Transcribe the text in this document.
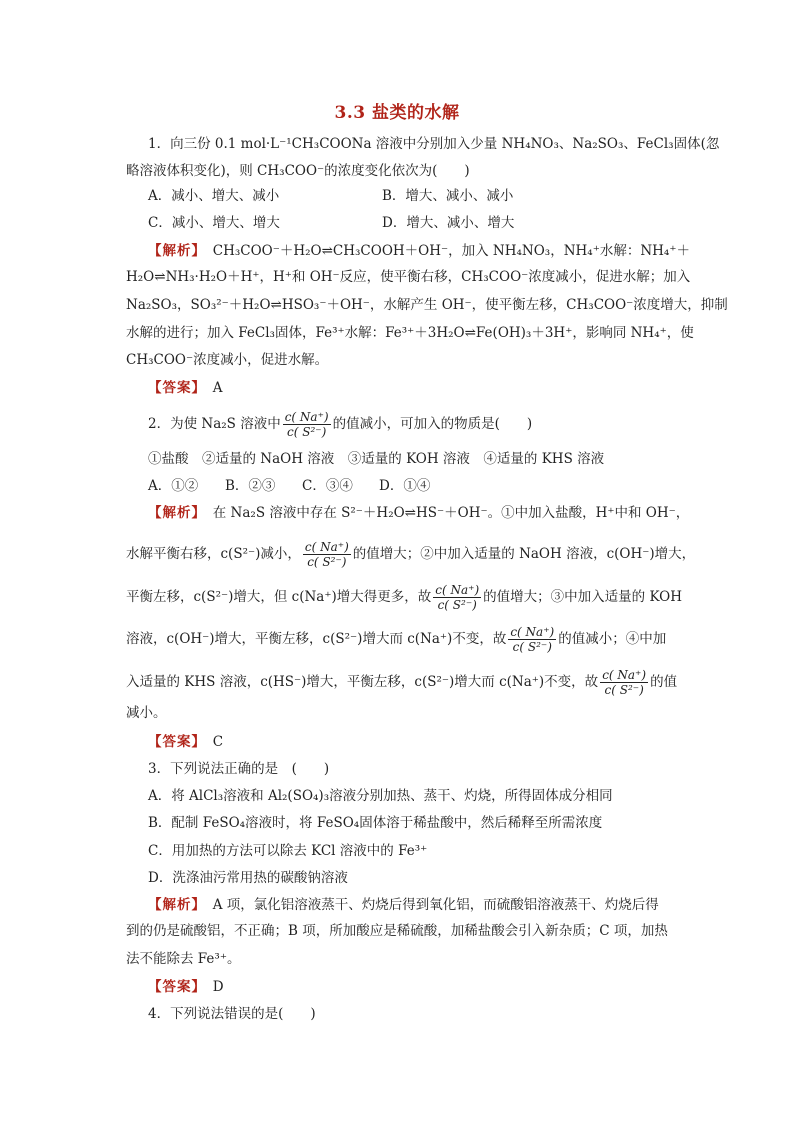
3.3 盐类的水解
1．向三份 0.1 mol·L⁻¹CH₃COONa 溶液中分别加入少量 NH₄NO₃、Na₂SO₃、FeCl₃固体(忽
略溶液体积变化)，则 CH₃COO⁻的浓度变化依次为(　　)
A．减小、增大、减小	B．增大、减小、减小
C．减小、增大、增大	D．增大、减小、增大
【解析】　 CH₃COO⁻＋H₂O⇌CH₃COOH＋OH⁻，加入 NH₄NO₃，NH₄⁺水解：NH₄⁺＋
H₂O⇌NH₃·H₂O＋H⁺，H⁺和 OH⁻反应，使平衡右移，CH₃COO⁻浓度减小，促进水解；加入
Na₂SO₃，SO₃²⁻＋H₂O⇌HSO₃⁻＋OH⁻，水解产生 OH⁻，使平衡左移，CH₃COO⁻浓度增大，抑制
水解的进行；加入 FeCl₃固体，Fe³⁺水解：Fe³⁺＋3H₂O⇌Fe(OH)₃＋3H⁺，影响同 NH₄⁺，使
CH₃COO⁻浓度减小，促进水解。
【答案】　 A
2．为使 Na₂S 溶液中 $\frac{c( Na^+)}{\text{c( S²⁻)}}$ 的值减小，可加入的物质是(　　)
①盐酸　②适量的 NaOH 溶液　③适量的 KOH 溶液　④适量的 KHS 溶液
A．①② B．②③ C．③④ D．①④
【解析】　 在 Na₂S 溶液中存在 S²⁻＋H₂O⇌HS⁻＋OH⁻。①中加入盐酸，H⁺中和 OH⁻，
水解平衡右移，c(S²⁻)减小， $\frac{c( Na^+)}{\text{c( S²⁻)}}$ 的值增大；②中加入适量的 NaOH 溶液，c(OH⁻)增大，
平衡左移，c(S²⁻)增大，但 c(Na⁺)增大得更多，故 $\frac{c( Na^+)}{\text{c( S²⁻)}}$ 的值增大；③中加入适量的 KOH
溶液，c(OH⁻)增大，平衡左移，c(S²⁻)增大而 c(Na⁺)不变，故 $\frac{c( Na^+)}{\text{c( S²⁻)}}$ 的值减小；④中加
入适量的 KHS 溶液，c(HS⁻)增大，平衡左移，c(S²⁻)增大而 c(Na⁺)不变，故 $\frac{c( Na^+)}{\text{c( S²⁻)}}$ 的值
减小。
【答案】　 C
3．下列说法正确的是　(　　)
A．将 AlCl₃溶液和 Al₂(SO₄)₃溶液分别加热、蒸干、灼烧，所得固体成分相同
B．配制 FeSO₄溶液时，将 FeSO₄固体溶于稀盐酸中，然后稀释至所需浓度
C．用加热的方法可以除去 KCl 溶液中的 Fe³⁺
D．洗涤油污常用热的碳酸钠溶液
【解析】　 A 项，氯化铝溶液蒸干、灼烧后得到氧化铝，而硫酸铝溶液蒸干、灼烧后得
到的仍是硫酸铝，不正确；B 项，所加酸应是稀硫酸，加稀盐酸会引入新杂质；C 项，加热
法不能除去 Fe³⁺。
【答案】　 D
4．下列说法错误的是(　　)
